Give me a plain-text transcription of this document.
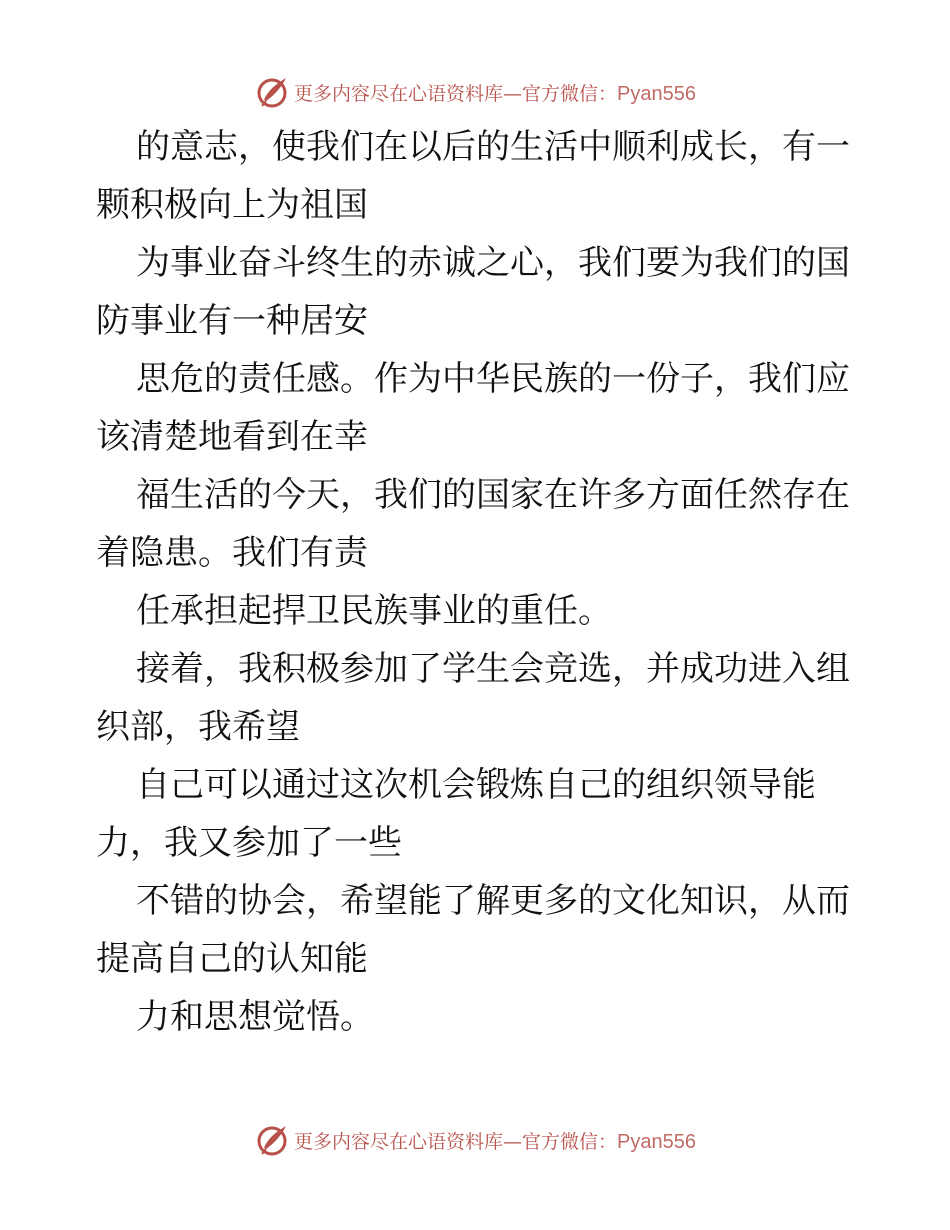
更多内容尽在心语资料库—官方微信：Pyan556

的意志，使我们在以后的生活中顺利成长，有一颗积极向上为祖国

为事业奋斗终生的赤诚之心，我们要为我们的国防事业有一种居安

思危的责任感。作为中华民族的一份子，我们应该清楚地看到在幸

福生活的今天，我们的国家在许多方面任然存在着隐患。我们有责

任承担起捍卫民族事业的重任。

接着，我积极参加了学生会竞选，并成功进入组织部，我希望

自己可以通过这次机会锻炼自己的组织领导能力，我又参加了一些

不错的协会，希望能了解更多的文化知识，从而提高自己的认知能

力和思想觉悟。

更多内容尽在心语资料库—官方微信：Pyan556
